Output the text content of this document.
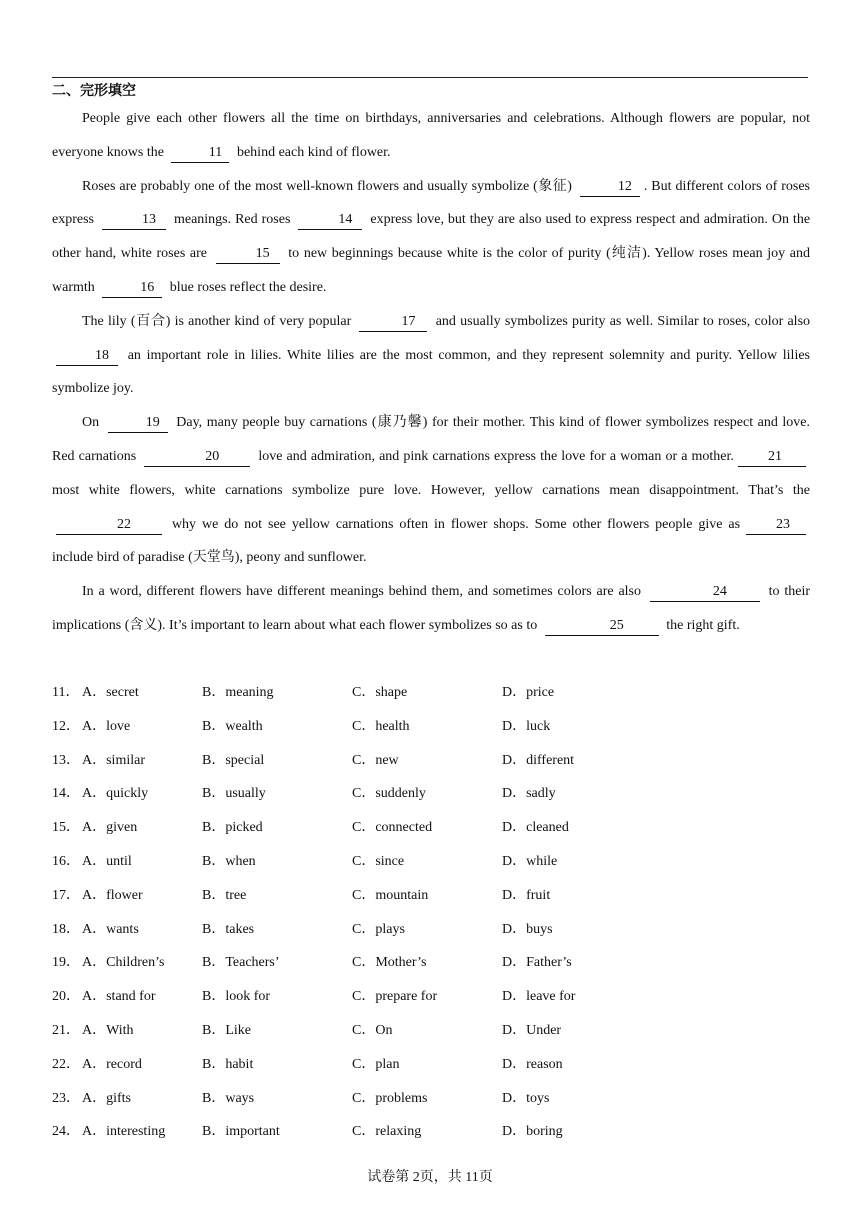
二、完形填空

People give each other flowers all the time on birthdays, anniversaries and celebrations. Although flowers are popular, not everyone knows the	11 behind each kind of flower.

Roses are probably one of the most well-known flowers and usually symbolize (象征)	12 . But different colors of roses express	13 meanings. Red roses	14 express love, but they are also used to express respect and admiration. On the other hand, white roses are	15 to new beginnings because white is the color of purity (纯洁). Yellow roses mean joy and warmth	16 blue roses reflect the desire.

The lily (百合) is another kind of very popular	17 and usually symbolizes purity as well. Similar to roses, color also 18 an important role in lilies. White lilies are the most common, and they represent solemnity and purity. Yellow lilies symbolize joy.

On	19 Day, many people buy carnations (康乃馨) for their mother. This kind of flower symbolizes respect and love. Red carnations	20	love and admiration, and pink carnations express the love for a woman or a mother. 21 most white flowers, white carnations symbolize pure love. However, yellow carnations mean disappointment. That’s the 22	why we do not see yellow carnations often in flower shops. Some other flowers people give as	23 include bird of paradise (天堂鸟), peony and sunflower.

In a word, different flowers have different meanings behind them, and sometimes colors are also	24	to their implications (含义). It’s important to learn about what each flower symbolizes so as to	25	the right gift.

11． A．secret	B．meaning	C．shape	D．price
12． A．love	B．wealth	C．health	D．luck
13． A．similar	B．special	C．new	D．different
14． A．quickly	B．usually	C．suddenly	D．sadly
15． A．given	B．picked	C．connected	D．cleaned
16． A．until	B．when	C．since	D．while
17． A．flower	B．tree	C．mountain	D．fruit
18． A．wants	B．takes	C．plays	D．buys
19． A．Children’s	B．Teachers’	C．Mother’s	D．Father’s
20． A．stand for	B．look for	C．prepare for	D．leave for
21． A．With	B．Like	C．On	D．Under
22． A．record	B．habit	C．plan	D．reason
23． A．gifts	B．ways	C．problems	D．toys
24． A．interesting	B．important	C．relaxing	D．boring
试卷第 2页，共 11页
